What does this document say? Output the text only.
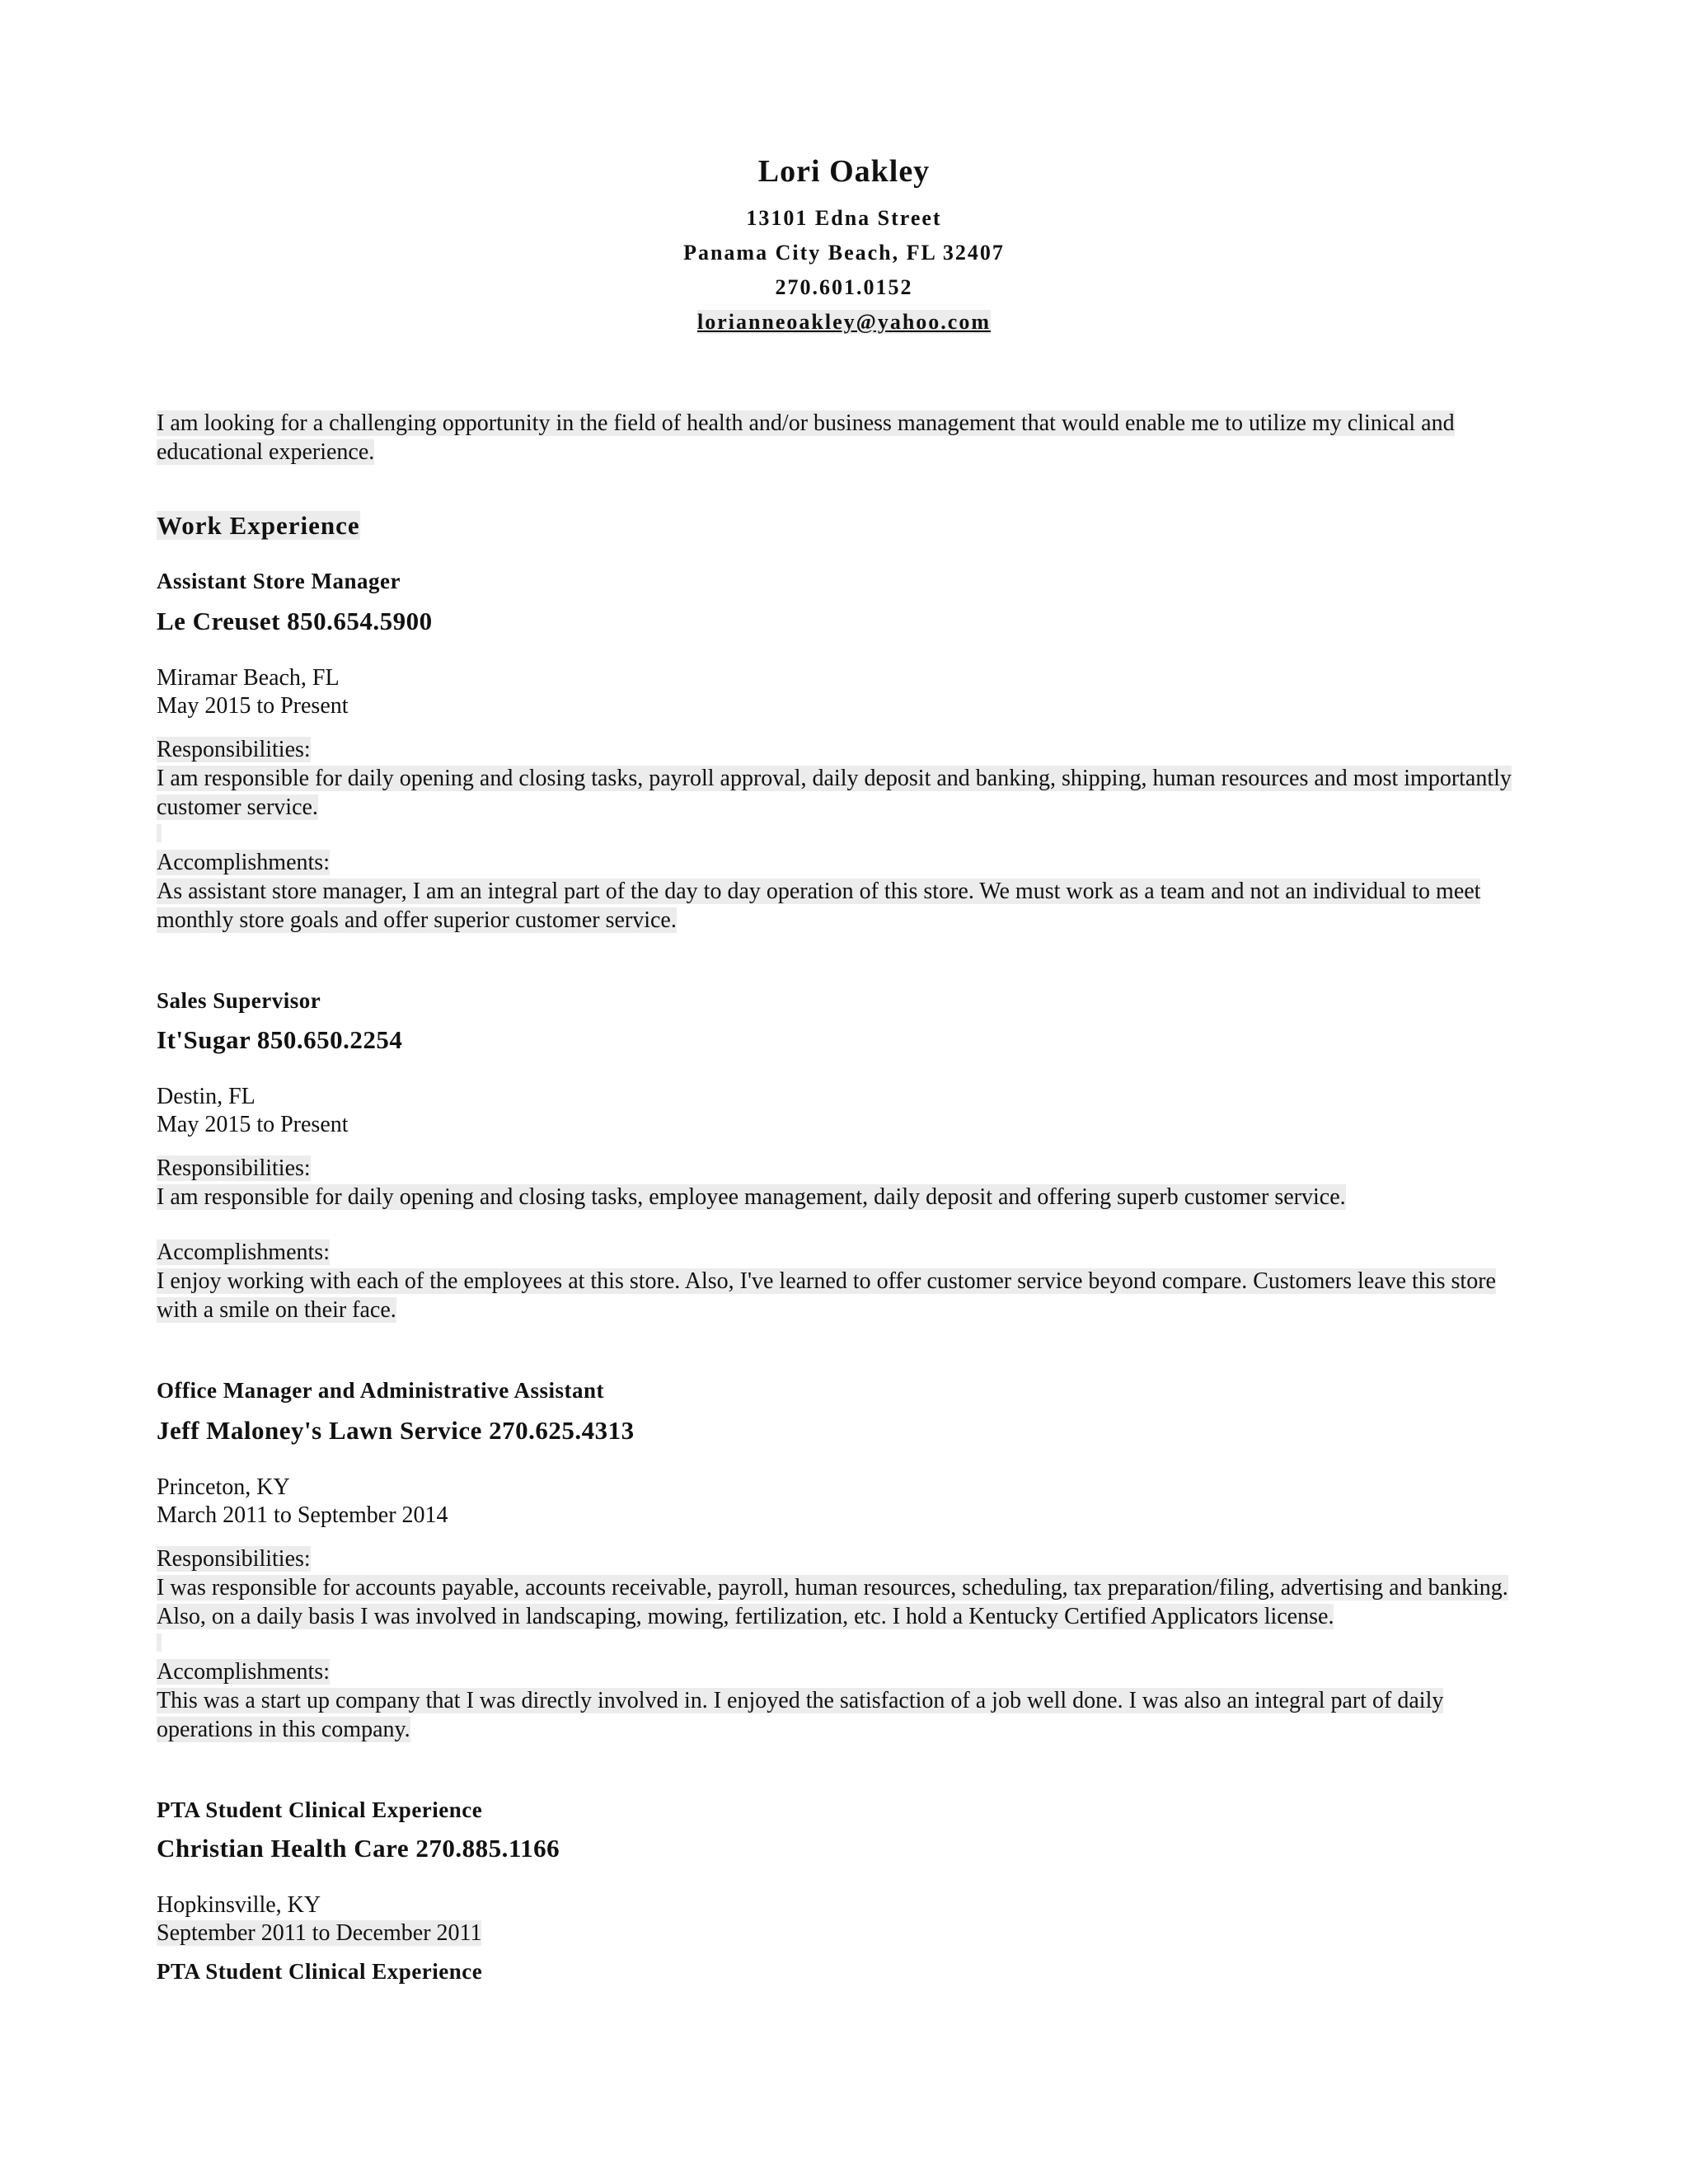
Lori Oakley
13101 Edna Street
Panama City Beach, FL 32407
270.601.0152
lorianneoakley@yahoo.com
I am looking for a challenging opportunity in the field of health and/or business management that would enable me to utilize my clinical and educational experience.
Work Experience
Assistant Store Manager
Le Creuset 850.654.5900
Miramar Beach, FL
May 2015 to Present
Responsibilities:
I am responsible for daily opening and closing tasks, payroll approval, daily deposit and banking, shipping, human resources and most importantly customer service.
Accomplishments:
As assistant store manager, I am an integral part of the day to day operation of this store. We must work as a team and not an individual to meet monthly store goals and offer superior customer service.
Sales Supervisor
It'Sugar 850.650.2254
Destin, FL
May 2015 to Present
Responsibilities:
I am responsible for daily opening and closing tasks, employee management, daily deposit and offering superb customer service.
Accomplishments:
I enjoy working with each of the employees at this store. Also, I've learned to offer customer service beyond compare. Customers leave this store with a smile on their face.
Office Manager and Administrative Assistant
Jeff Maloney's Lawn Service 270.625.4313
Princeton, KY
March 2011 to September 2014
Responsibilities:
I was responsible for accounts payable, accounts receivable, payroll, human resources, scheduling, tax preparation/filing, advertising and banking. Also, on a daily basis I was involved in landscaping, mowing, fertilization, etc. I hold a Kentucky Certified Applicators license.
Accomplishments:
This was a start up company that I was directly involved in. I enjoyed the satisfaction of a job well done. I was also an integral part of daily operations in this company.
PTA Student Clinical Experience
Christian Health Care 270.885.1166
Hopkinsville, KY
September 2011 to December 2011
PTA Student Clinical Experience
